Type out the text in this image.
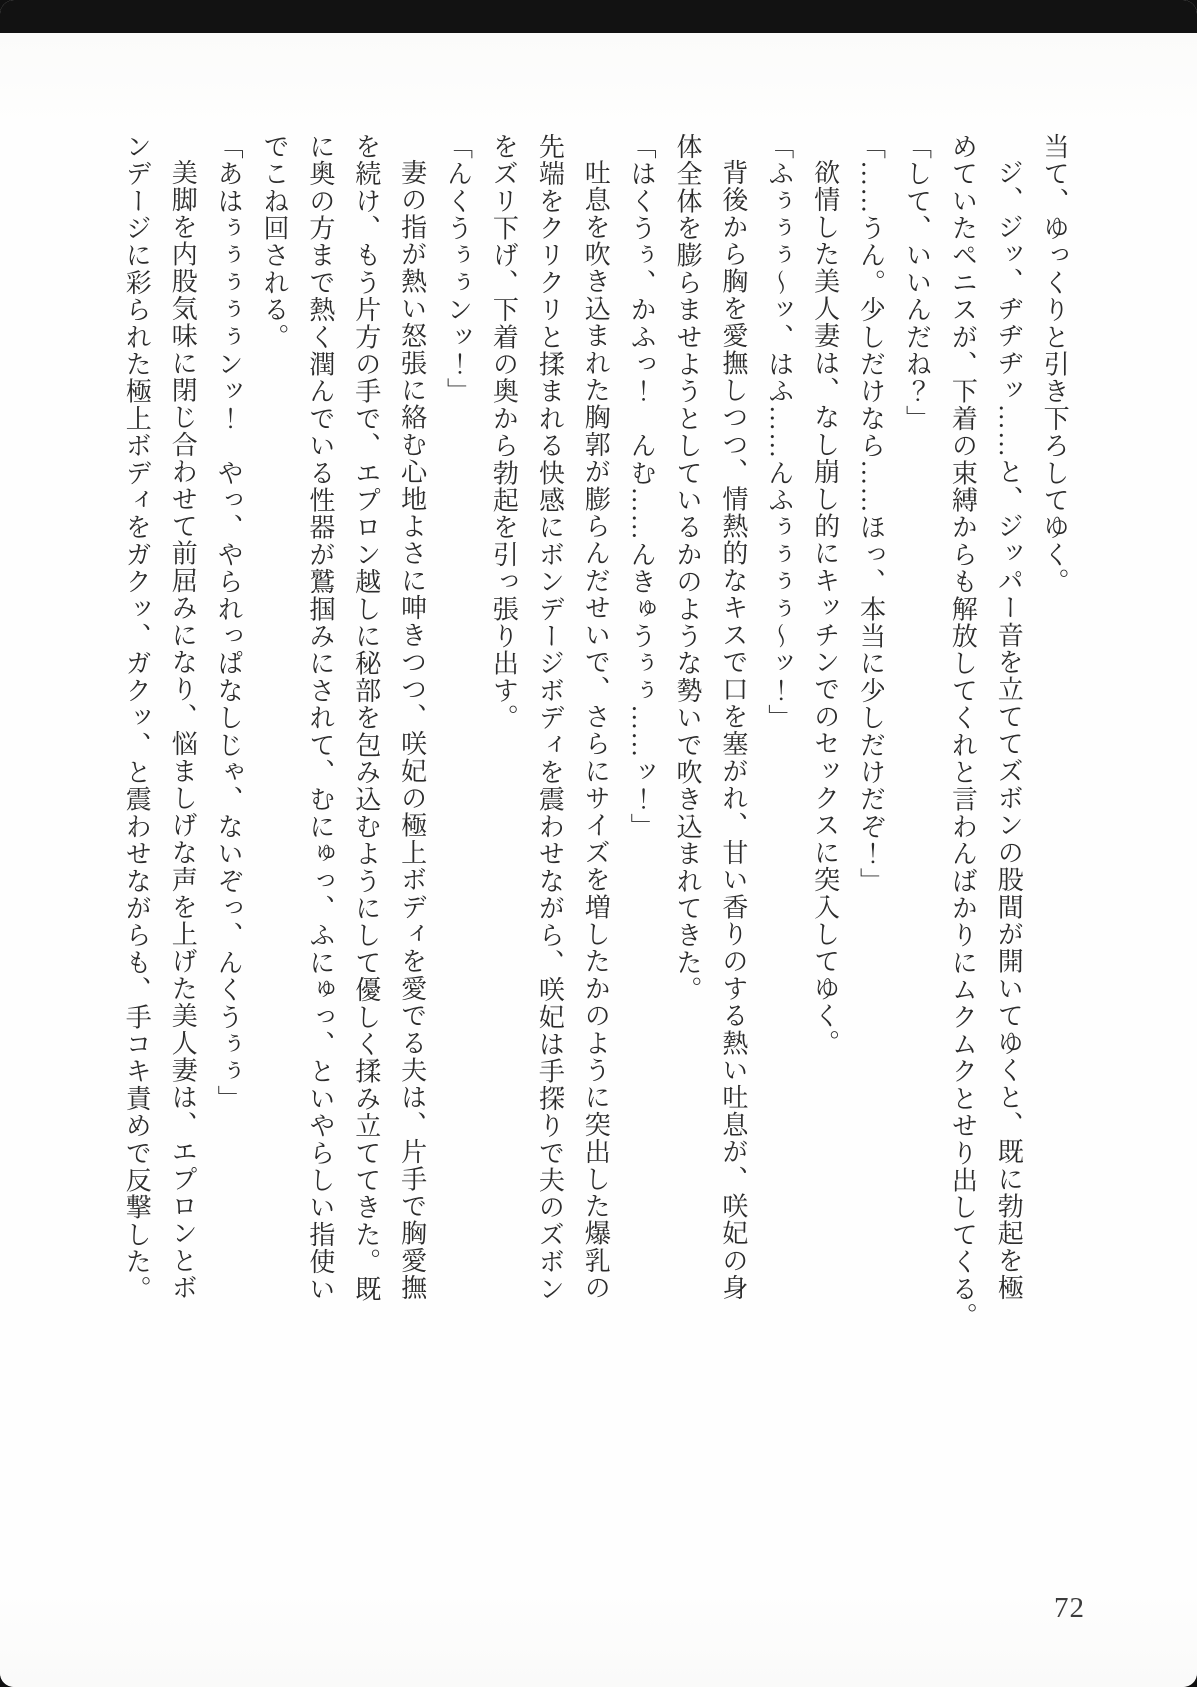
当て、ゆっくりと引き下ろしてゆく。

ジ、ジッ、ヂヂヂッ……と、ジッパー音を立ててズボンの股間が開いてゆくと、既に勃起を極

めていたペニスが、下着の束縛からも解放してくれと言わんばかりにムクムクとせり出してくる。

「して、いいんだね？」

「……うん。少しだけなら……ほっ、本当に少しだけだぞ！」

欲情した美人妻は、なし崩し的にキッチンでのセックスに突入してゆく。

「ふぅぅぅ〜ッ、はふ……んふぅぅぅぅ〜ッ！」

背後から胸を愛撫しつつ、情熱的なキスで口を塞がれ、甘い香りのする熱い吐息が、咲妃の身

体全体を膨らませようとしているかのような勢いで吹き込まれてきた。

「はくうぅ、かふっ！　んむ……んきゅうぅぅ……ッ！」

吐息を吹き込まれた胸郭が膨らんだせいで、さらにサイズを増したかのように突出した爆乳の

先端をクリクリと揉まれる快感にボンデージボディを震わせながら、咲妃は手探りで夫のズボン

をズリ下げ、下着の奥から勃起を引っ張り出す。

「んくうぅぅンッ！」

妻の指が熱い怒張に絡む心地よさに呻きつつ、咲妃の極上ボディを愛でる夫は、片手で胸愛撫

を続け、もう片方の手で、エプロン越しに秘部を包み込むようにして優しく揉み立ててきた。既

に奥の方まで熱く潤んでいる性器が鷲掴みにされて、むにゅっ、ふにゅっ、といやらしい指使い

でこね回される。

「あはぅぅぅぅぅンッ！　やっ、やられっぱなしじゃ、ないぞっ、んくうぅぅ」

美脚を内股気味に閉じ合わせて前屈みになり、悩ましげな声を上げた美人妻は、エプロンとボ

ンデージに彩られた極上ボディをガクッ、ガクッ、と震わせながらも、手コキ責めで反撃した。

72
